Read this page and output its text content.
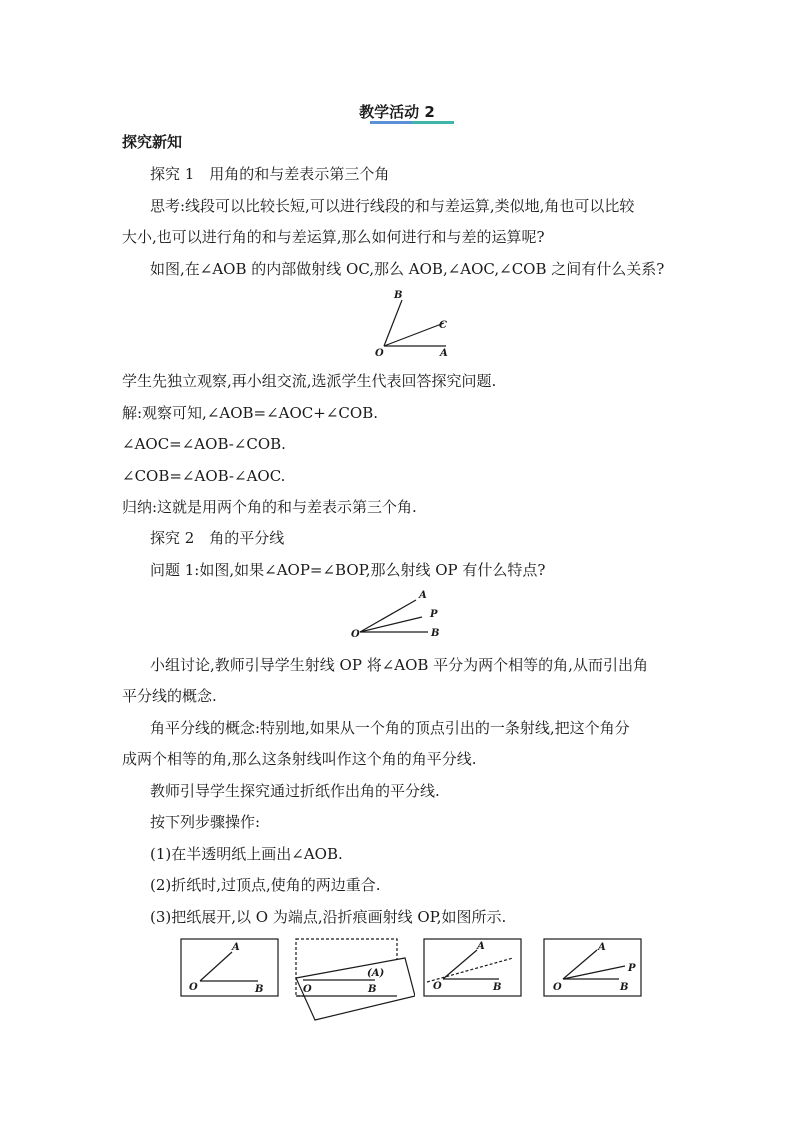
教学活动 2
探究新知
探究 1　用角的和与差表示第三个角
思考:线段可以比较长短,可以进行线段的和与差运算,类似地,角也可以比较
大小,也可以进行角的和与差运算,那么如何进行和与差的运算呢?
如图,在∠AOB 的内部做射线 OC,那么 AOB,∠AOC,∠COB 之间有什么关系?
B
C
O	A
学生先独立观察,再小组交流,选派学生代表回答探究问题.
解:观察可知,∠AOB=∠AOC+∠COB.
∠AOC=∠AOB-∠COB.
∠COB=∠AOB-∠AOC.
归纳:这就是用两个角的和与差表示第三个角.
探究 2　角的平分线
问题 1:如图,如果∠AOP=∠BOP,那么射线 OP 有什么特点?
A
P
O	B
小组讨论,教师引导学生射线 OP 将∠AOB 平分为两个相等的角,从而引出角
平分线的概念.
角平分线的概念:特别地,如果从一个角的顶点引出的一条射线,把这个角分
成两个相等的角,那么这条射线叫作这个角的角平分线.
教师引导学生探究通过折纸作出角的平分线.
按下列步骤操作:
(1)在半透明纸上画出∠AOB.
(2)折纸时,过顶点,使角的两边重合.
(3)把纸展开,以 O 为端点,沿折痕画射线 OP,如图所示.
A
O	B
(A)
O	B
A
O	B
A
P
O	B
